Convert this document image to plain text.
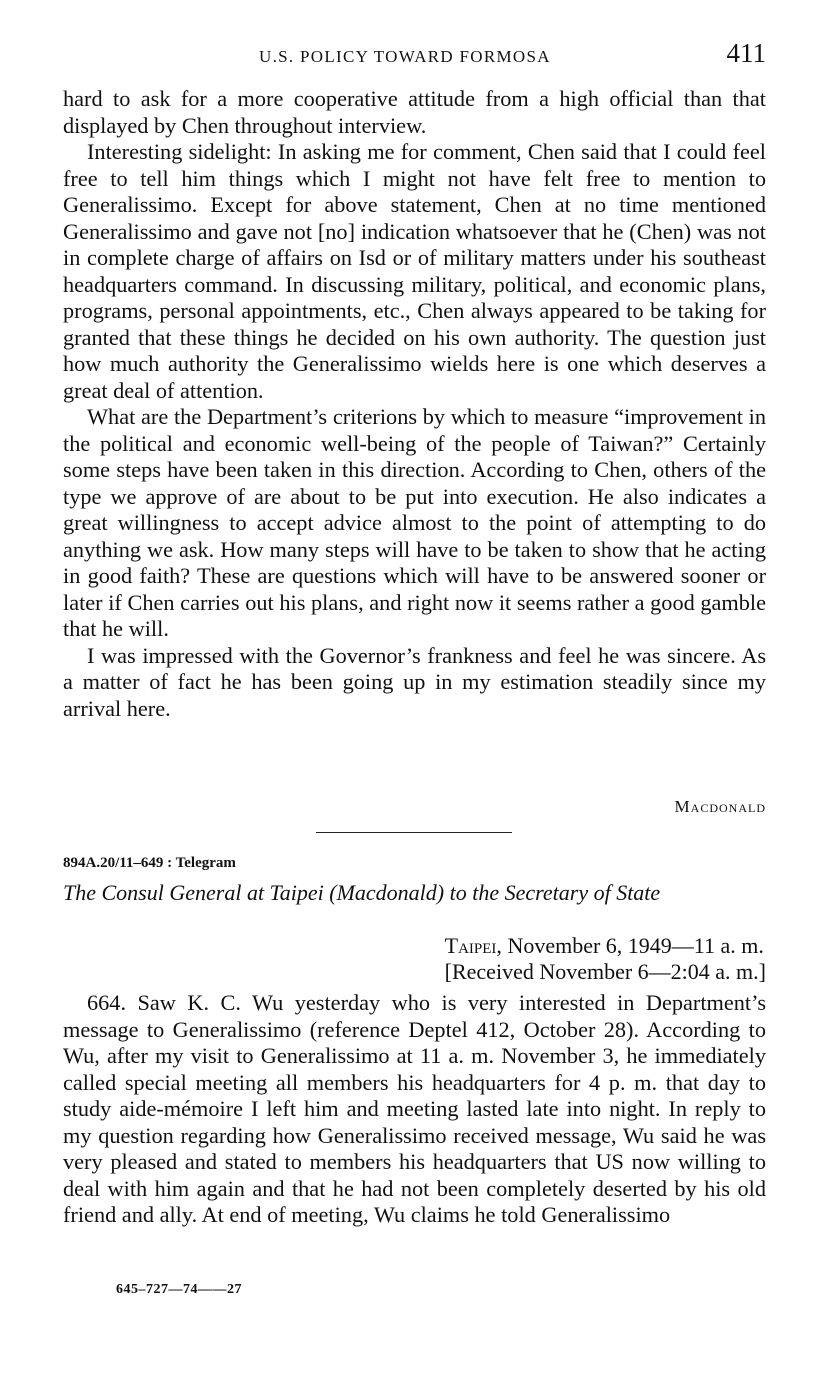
U.S. POLICY TOWARD FORMOSA	411

hard to ask for a more cooperative attitude from a high official than that displayed by Chen throughout interview.

Interesting sidelight: In asking me for comment, Chen said that I could feel free to tell him things which I might not have felt free to mention to Generalissimo. Except for above statement, Chen at no time mentioned Generalissimo and gave not [no] indication whatsoever that he (Chen) was not in complete charge of affairs on Isd or of military matters under his southeast headquarters command. In discussing military, political, and economic plans, programs, personal appointments, etc., Chen always appeared to be taking for granted that these things he decided on his own authority. The question just how much authority the Generalissimo wields here is one which deserves a great deal of attention.

What are the Department’s criterions by which to measure “improvement in the political and economic well-being of the people of Taiwan?” Certainly some steps have been taken in this direction. According to Chen, others of the type we approve of are about to be put into execution. He also indicates a great willingness to accept advice almost to the point of attempting to do anything we ask. How many steps will have to be taken to show that he acting in good faith? These are questions which will have to be answered sooner or later if Chen carries out his plans, and right now it seems rather a good gamble that he will.

I was impressed with the Governor’s frankness and feel he was sincere. As a matter of fact he has been going up in my estimation steadily since my arrival here.

Macdonald
894A.20/11–649 : Telegram
The Consul General at Taipei (Macdonald) to the Secretary of State
Taipei, November 6, 1949—11 a. m.
[Received November 6—2:04 a. m.]

664. Saw K. C. Wu yesterday who is very interested in Department’s message to Generalissimo (reference Deptel 412, October 28). According to Wu, after my visit to Generalissimo at 11 a. m. November 3, he immediately called special meeting all members his headquarters for 4 p. m. that day to study aide-mémoire I left him and meeting lasted late into night. In reply to my question regarding how Generalissimo received message, Wu said he was very pleased and stated to members his headquarters that US now willing to deal with him again and that he had not been completely deserted by his old friend and ally. At end of meeting, Wu claims he told Generalissimo

645–727—74——27
